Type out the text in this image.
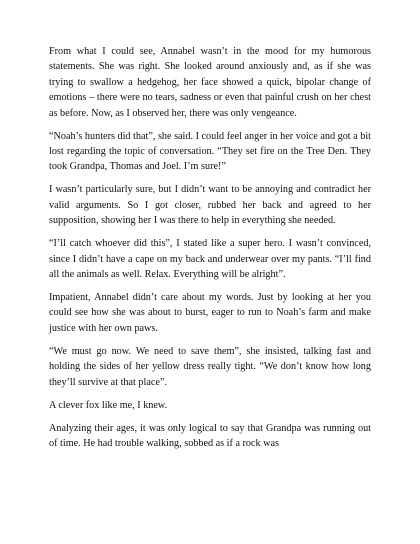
From what I could see, Annabel wasn’t in the mood for my humorous statements. She was right. She looked around anxiously and, as if she was trying to swallow a hedgehog, her face showed a quick, bipolar change of emotions – there were no tears, sadness or even that painful crush on her chest as before. Now, as I observed her, there was only vengeance.

“Noah’s hunters did that”, she said. I could feel anger in her voice and got a bit lost regarding the topic of conversation. “They set fire on the Tree Den. They took Grandpa, Thomas and Joel. I’m sure!”

I wasn’t particularly sure, but I didn’t want to be annoying and contradict her valid arguments. So I got closer, rubbed her back and agreed to her supposition, showing her I was there to help in everything she needed.

“I’ll catch whoever did this”, I stated like a super hero. I wasn’t convinced, since I didn’t have a cape on my back and underwear over my pants. “I’ll find all the animals as well. Relax. Everything will be alright”.

Impatient, Annabel didn’t care about my words. Just by looking at her you could see how she was about to burst, eager to run to Noah’s farm and make justice with her own paws.

“We must go now. We need to save them”, she insisted, talking fast and holding the sides of her yellow dress really tight. “We don’t know how long they’ll survive at that place”.

A clever fox like me, I knew.

Analyzing their ages, it was only logical to say that Grandpa was running out of time. He had trouble walking, sobbed as if a rock was
